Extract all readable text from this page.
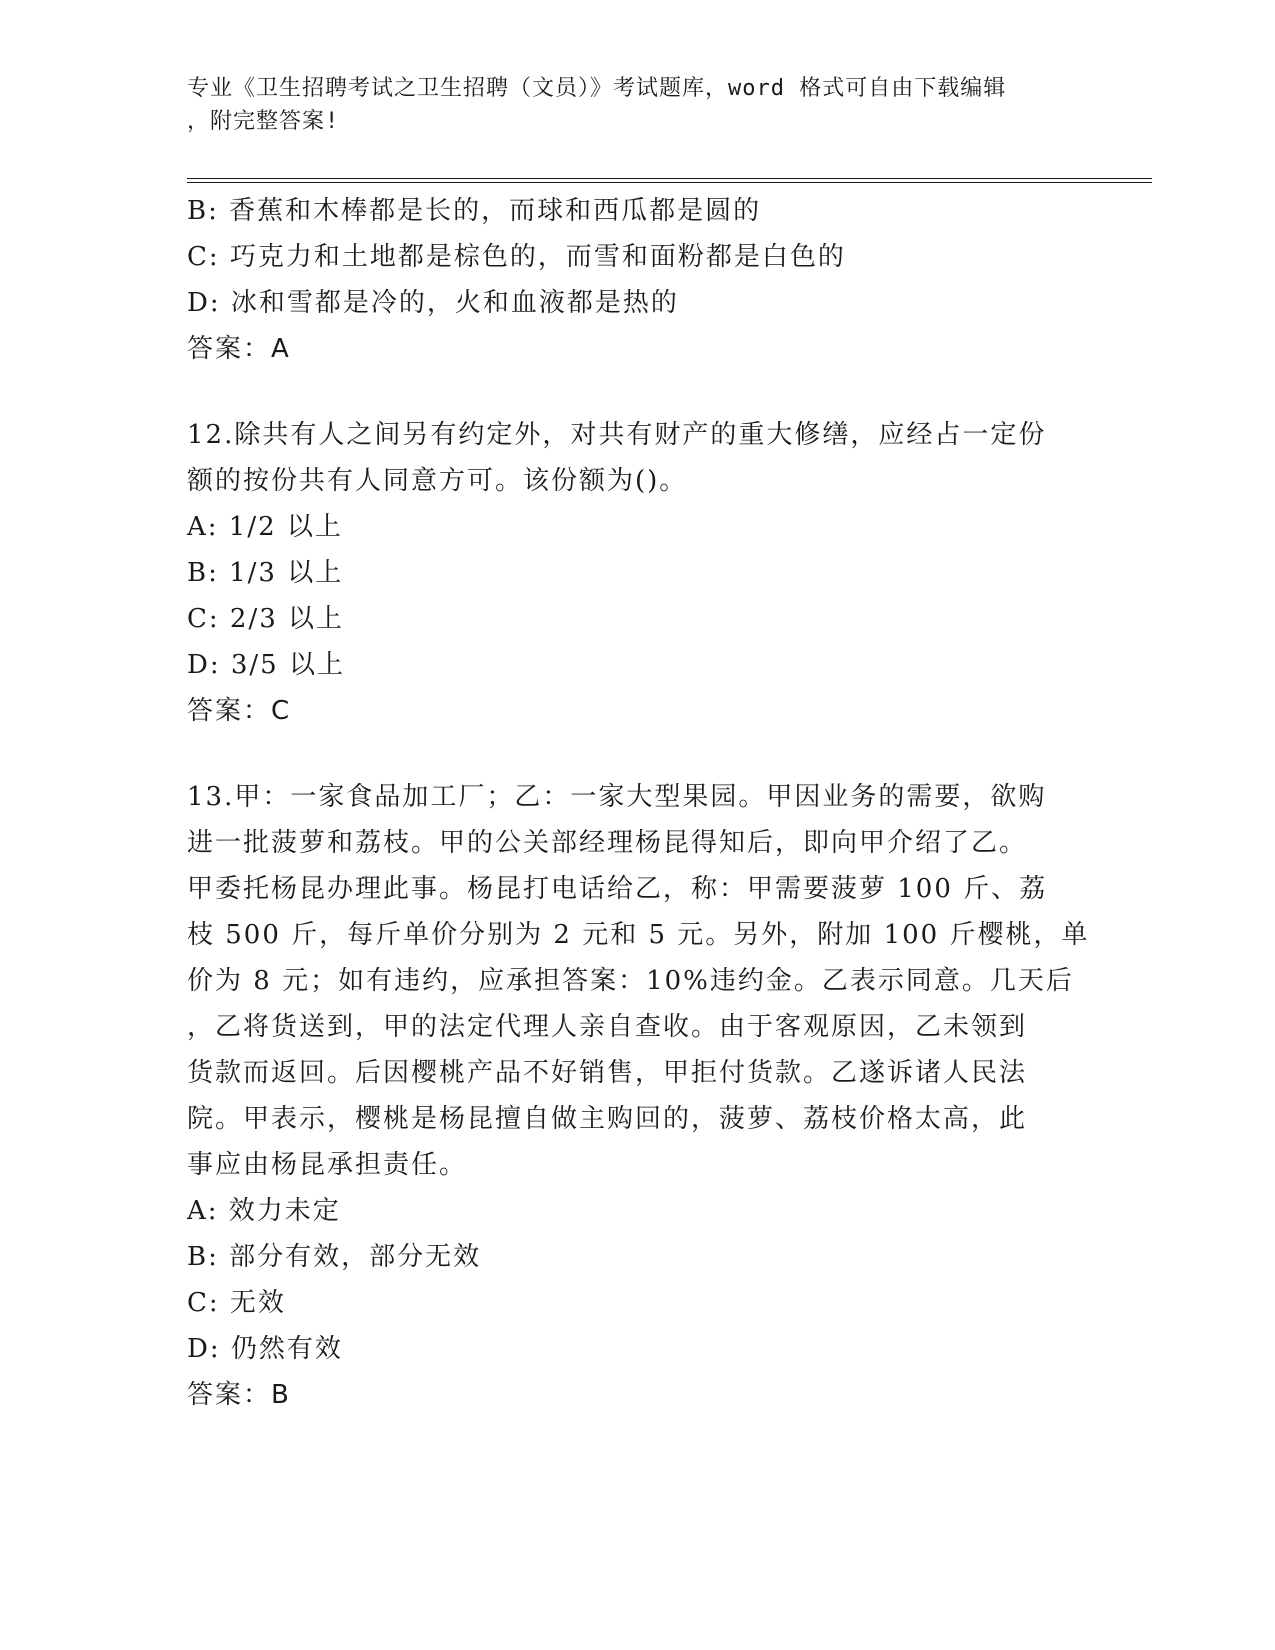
专业《卫生招聘考试之卫生招聘（文员）》考试题库，word 格式可自由下载编辑
，附完整答案!
B: 香蕉和木棒都是长的，而球和西瓜都是圆的
C: 巧克力和土地都是棕色的，而雪和面粉都是白色的
D: 冰和雪都是冷的，火和血液都是热的
答案：A
12.除共有人之间另有约定外，对共有财产的重大修缮，应经占一定份
额的按份共有人同意方可。该份额为()。
A: 1/2 以上
B: 1/3 以上
C: 2/3 以上
D: 3/5 以上
答案：C
13.甲：一家食品加工厂；乙：一家大型果园。甲因业务的需要，欲购
进一批菠萝和荔枝。甲的公关部经理杨昆得知后，即向甲介绍了乙。
甲委托杨昆办理此事。杨昆打电话给乙，称：甲需要菠萝 100 斤、荔
枝 500 斤，每斤单价分别为 2 元和 5 元。另外，附加 100 斤樱桃，单
价为 8 元；如有违约，应承担答案：10%违约金。乙表示同意。几天后
，乙将货送到，甲的法定代理人亲自查收。由于客观原因，乙未领到
货款而返回。后因樱桃产品不好销售，甲拒付货款。乙遂诉诸人民法
院。甲表示，樱桃是杨昆擅自做主购回的，菠萝、荔枝价格太高，此
事应由杨昆承担责任。
A: 效力未定
B: 部分有效，部分无效
C: 无效
D: 仍然有效
答案：B
